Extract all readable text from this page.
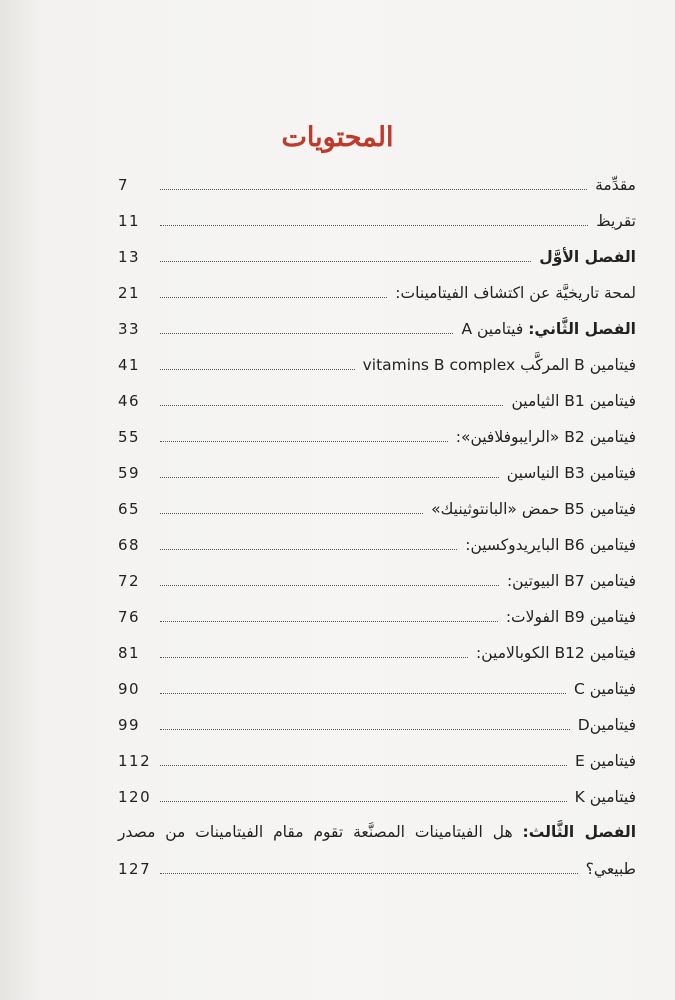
المحتويات
مقدِّمة
7
تقريظ
11
الفصل الأوَّل
13
لمحة تاريخيَّة عن اكتشاف الفيتامينات:
21
الفصل الثَّاني: فيتامين A
33
فيتامين B المركَّب vitamins B complex
41
فيتامين B1 الثيامين
46
فيتامين B2 «الرايبوفلافين»:
55
فيتامين B3 النياسين
59
فيتامين B5 حمض «البانتوثينيك»
65
فيتامين B6 البايريدوكسين:
68
فيتامين B7 البيوتين:
72
فيتامين B9 الفولات:
76
فيتامين B12 الكوبالامين:
81
فيتامين C
90
فيتامينD
99
فيتامين E
112
فيتامين K
120
الفصل الثَّالث: هل الفيتامينات المصنَّعة تقوم مقام الفيتامينات من مصدر
طبيعي؟
127
